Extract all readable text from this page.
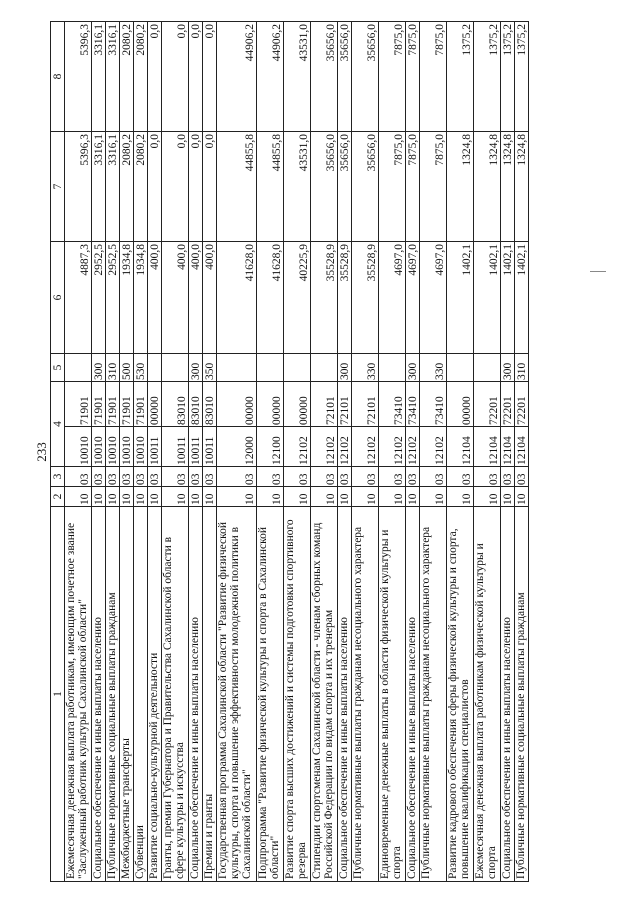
233
1	2	3	4		5	6	7	8
Ежемесячная денежная выплата работникам, имеющим почетное звание "Заслуженный работник культуры Сахалинской области"	10	03	10010	71901		4887,3	5396,3	5396,3
Социальное обеспечение и иные выплаты населению	10	03	10010	71901	300	2952,5	3316,1	3316,1
Публичные нормативные социальные выплаты гражданам	10	03	10010	71901	310	2952,5	3316,1	3316,1
Межбюджетные трансферты	10	03	10010	71901	500	1934,8	2080,2	2080,2
Субвенции	10	03	10010	71901	530	1934,8	2080,2	2080,2
Развитие социально-культурной деятельности	10	03	10011	00000		400,0	0,0	0,0
Гранты, премии Губернатора и Правительства Сахалинской области в сфере культуры и искусства	10	03	10011	83010		400,0	0,0	0,0
Социальное обеспечение и иные выплаты населению	10	03	10011	83010	300	400,0	0,0	0,0
Премии и гранты	10	03	10011	83010	350	400,0	0,0	0,0
Государственная программа Сахалинской области "Развитие физической культуры, спорта и повышение эффективности молодежной политики в Сахалинской области"	10	03	12000	00000		41628,0	44855,8	44906,2
Подпрограмма "Развитие физической культуры и спорта в Сахалинской области"	10	03	12100	00000		41628,0	44855,8	44906,2
Развитие спорта высших достижений и системы подготовки спортивного резерва	10	03	12102	00000		40225,9	43531,0	43531,0
Стипендии спортсменам Сахалинской области - членам сборных команд Российской Федерации по видам спорта и их тренерам	10	03	12102	72101		35528,9	35656,0	35656,0
Социальное обеспечение и иные выплаты населению	10	03	12102	72101	300	35528,9	35656,0	35656,0
Публичные нормативные выплаты гражданам несоциального характера	10	03	12102	72101	330	35528,9	35656,0	35656,0
Единовременные денежные выплаты в области физической культуры и спорта	10	03	12102	73410		4697,0	7875,0	7875,0
Социальное обеспечение и иные выплаты населению	10	03	12102	73410	300	4697,0	7875,0	7875,0
Публичные нормативные выплаты гражданам несоциального характера	10	03	12102	73410	330	4697,0	7875,0	7875,0
Развитие кадрового обеспечения сферы физической культуры и спорта, повышение квалификации специалистов	10	03	12104	00000		1402,1	1324,8	1375,2
Ежемесячная денежная выплата работникам физической культуры и спорта	10	03	12104	72201		1402,1	1324,8	1375,2
Социальное обеспечение и иные выплаты населению	10	03	12104	72201	300	1402,1	1324,8	1375,2
Публичные нормативные социальные выплаты гражданам	10	03	12104	72201	310	1402,1	1324,8	1375,2
